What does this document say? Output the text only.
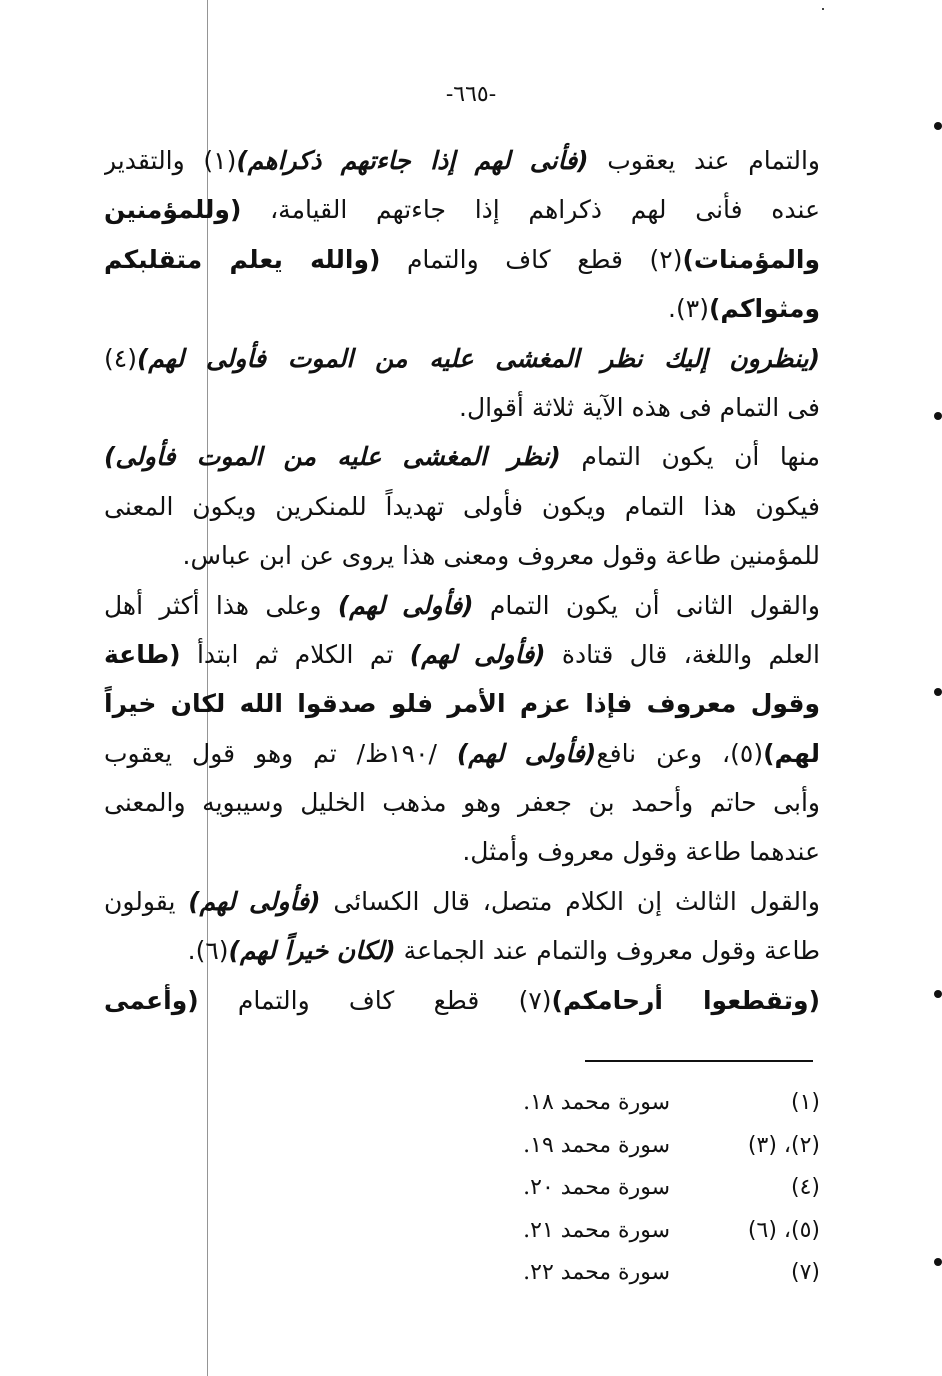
-٦٦٥-
والتمام عند يعقوب (فأنى لهم إذا جاءتهم ذكراهم)(١) والتقدير
عنده فأنى لهم ذكراهم إذا جاءتهم القيامة، (وللمؤمنين
والمؤمنات)(٢) قطع كاف والتمام (والله يعلم متقلبكم
ومثواكم)(٣).
(ينظرون إليك نظر المغشى عليه من الموت فأولى لهم)(٤)
فى التمام فى هذه الآية ثلاثة أقوال.
منها أن يكون التمام (نظر المغشى عليه من الموت فأولى)
فيكون هذا التمام ويكون فأولى تهديداً للمنكرين ويكون المعنى
للمؤمنين طاعة وقول معروف ومعنى هذا يروى عن ابن عباس.
والقول الثانى أن يكون التمام (فأولى لهم) وعلى هذا أكثر أهل
العلم واللغة، قال قتادة (فأولى لهم) تم الكلام ثم ابتدأ (طاعة
وقول معروف فإذا عزم الأمر فلو صدقوا الله لكان خيراً
لهم)(٥)، وعن نافع(فأولى لهم) /١٩٠ظ/ تم وهو قول يعقوب
وأبى حاتم وأحمد بن جعفر وهو مذهب الخليل وسيبويه والمعنى
عندهما طاعة وقول معروف وأمثل.
والقول الثالث إن الكلام متصل، قال الكسائى (فأولى لهم) يقولون
طاعة وقول معروف والتمام عند الجماعة (لكان خيراً لهم)(٦).
(وتقطعوا أرحامكم)(٧) قطع كاف والتمام (وأعمى
(١)
سورة محمد ١٨.
(٢)، (٣)
سورة محمد ١٩.
(٤)
سورة محمد ٢٠.
(٥)، (٦)
سورة محمد ٢١.
(٧)
سورة محمد ٢٢.
